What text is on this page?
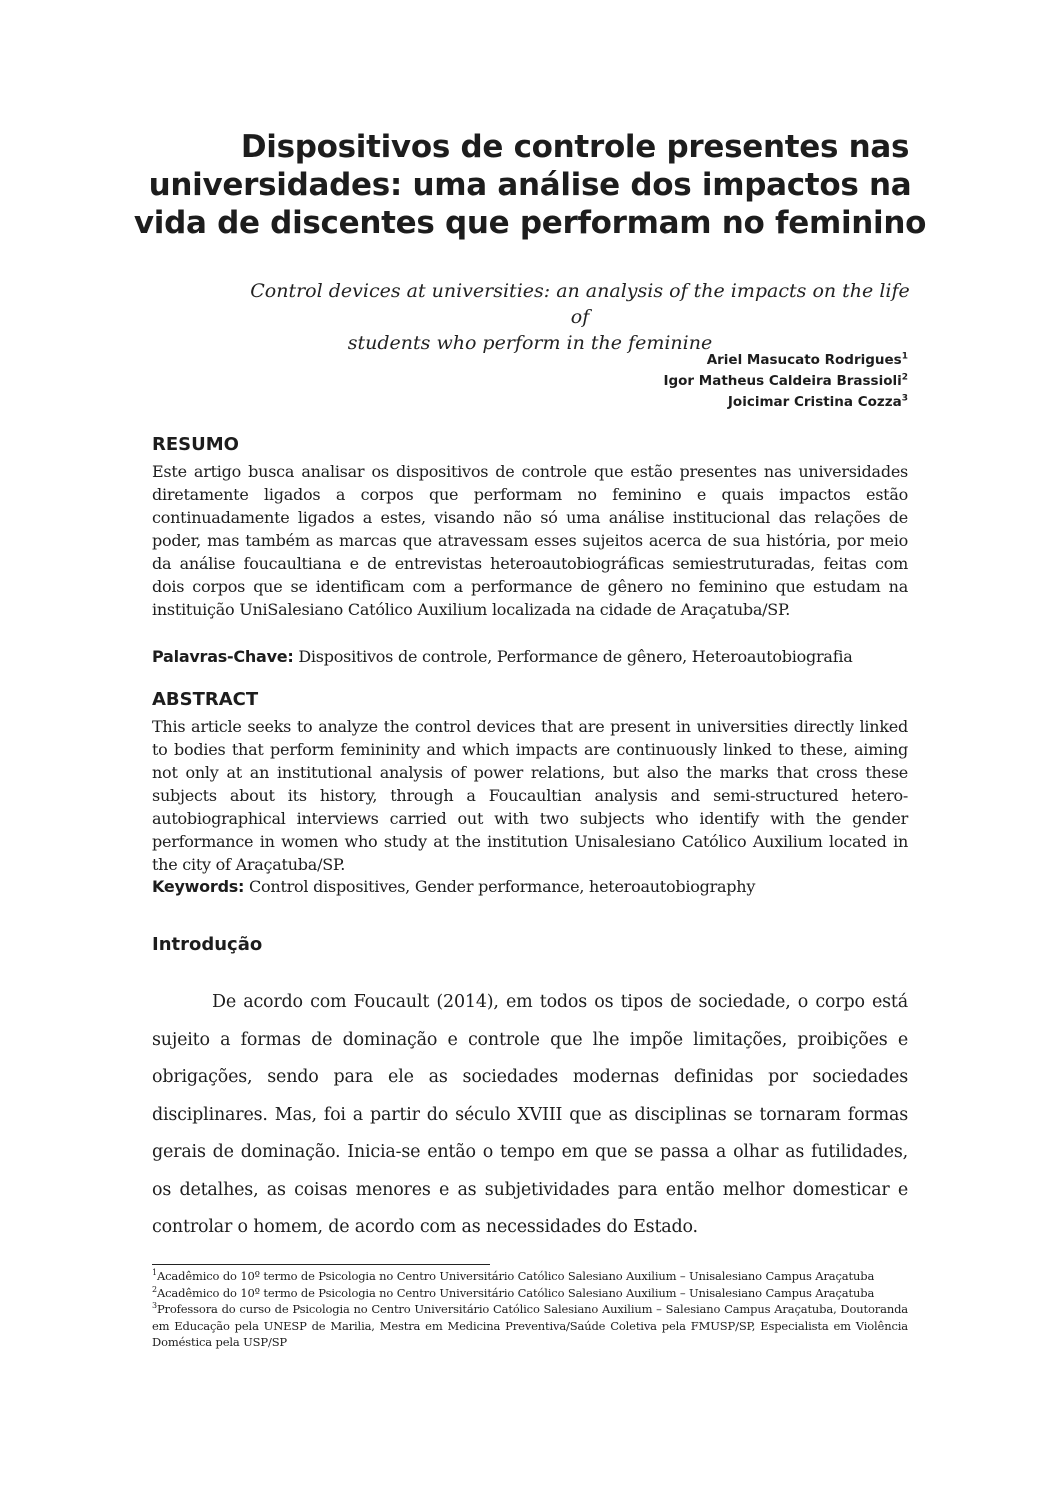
Dispositivos de controle presentes nas
universidades: uma análise dos impactos na
vida de discentes que performam no feminino

Control devices at universities: an analysis of the impacts on the life of
students who perform in the feminine

Ariel Masucato Rodrigues$^1$
Igor Matheus Caldeira Brassioli$^2$
Joicimar Cristina Cozza$^3$
RESUMO

Este artigo busca analisar os dispositivos de controle que estão presentes nas universidades diretamente ligados a corpos que performam no feminino e quais impactos estão continuadamente ligados a estes, visando não só uma análise institucional das relações de poder, mas também as marcas que atravessam esses sujeitos acerca de sua história, por meio da análise foucaultiana e de entrevistas heteroautobiográficas semiestruturadas, feitas com dois corpos que se identificam com a performance de gênero no feminino que estudam na instituição UniSalesiano Católico Auxilium localizada na cidade de Araçatuba/SP.

Palavras-Chave: Dispositivos de controle, Performance de gênero, Heteroautobiografia

ABSTRACT

This article seeks to analyze the control devices that are present in universities directly linked to bodies that perform femininity and which impacts are continuously linked to these, aiming not only at an institutional analysis of power relations, but also the marks that cross these subjects about its history, through a Foucaultian analysis and semi-structured hetero-autobiographical interviews carried out with two subjects who identify with the gender performance in women who study at the institution Unisalesiano Católico Auxilium located in the city of Araçatuba/SP.

Keywords: Control dispositives, Gender performance, heteroautobiography

Introdução

De acordo com Foucault (2014), em todos os tipos de sociedade, o corpo está sujeito a formas de dominação e controle que lhe impõe limitações, proibições e obrigações, sendo para ele as sociedades modernas definidas por sociedades disciplinares. Mas, foi a partir do século XVIII que as disciplinas se tornaram formas gerais de dominação. Inicia-se então o tempo em que se passa a olhar as futilidades, os detalhes, as coisas menores e as subjetividades para então melhor domesticar e controlar o homem, de acordo com as necessidades do Estado.

$^1$Acadêmico do 10º termo de Psicologia no Centro Universitário Católico Salesiano Auxilium – Unisalesiano Campus Araçatuba

$^2$Acadêmico do 10º termo de Psicologia no Centro Universitário Católico Salesiano Auxilium – Unisalesiano Campus Araçatuba

$^3$Professora do curso de Psicologia no Centro Universitário Católico Salesiano Auxilium – Salesiano Campus Araçatuba, Doutoranda em Educação pela UNESP de Marilia, Mestra em Medicina Preventiva/Saúde Coletiva pela FMUSP/SP, Especialista em Violência Doméstica pela USP/SP
